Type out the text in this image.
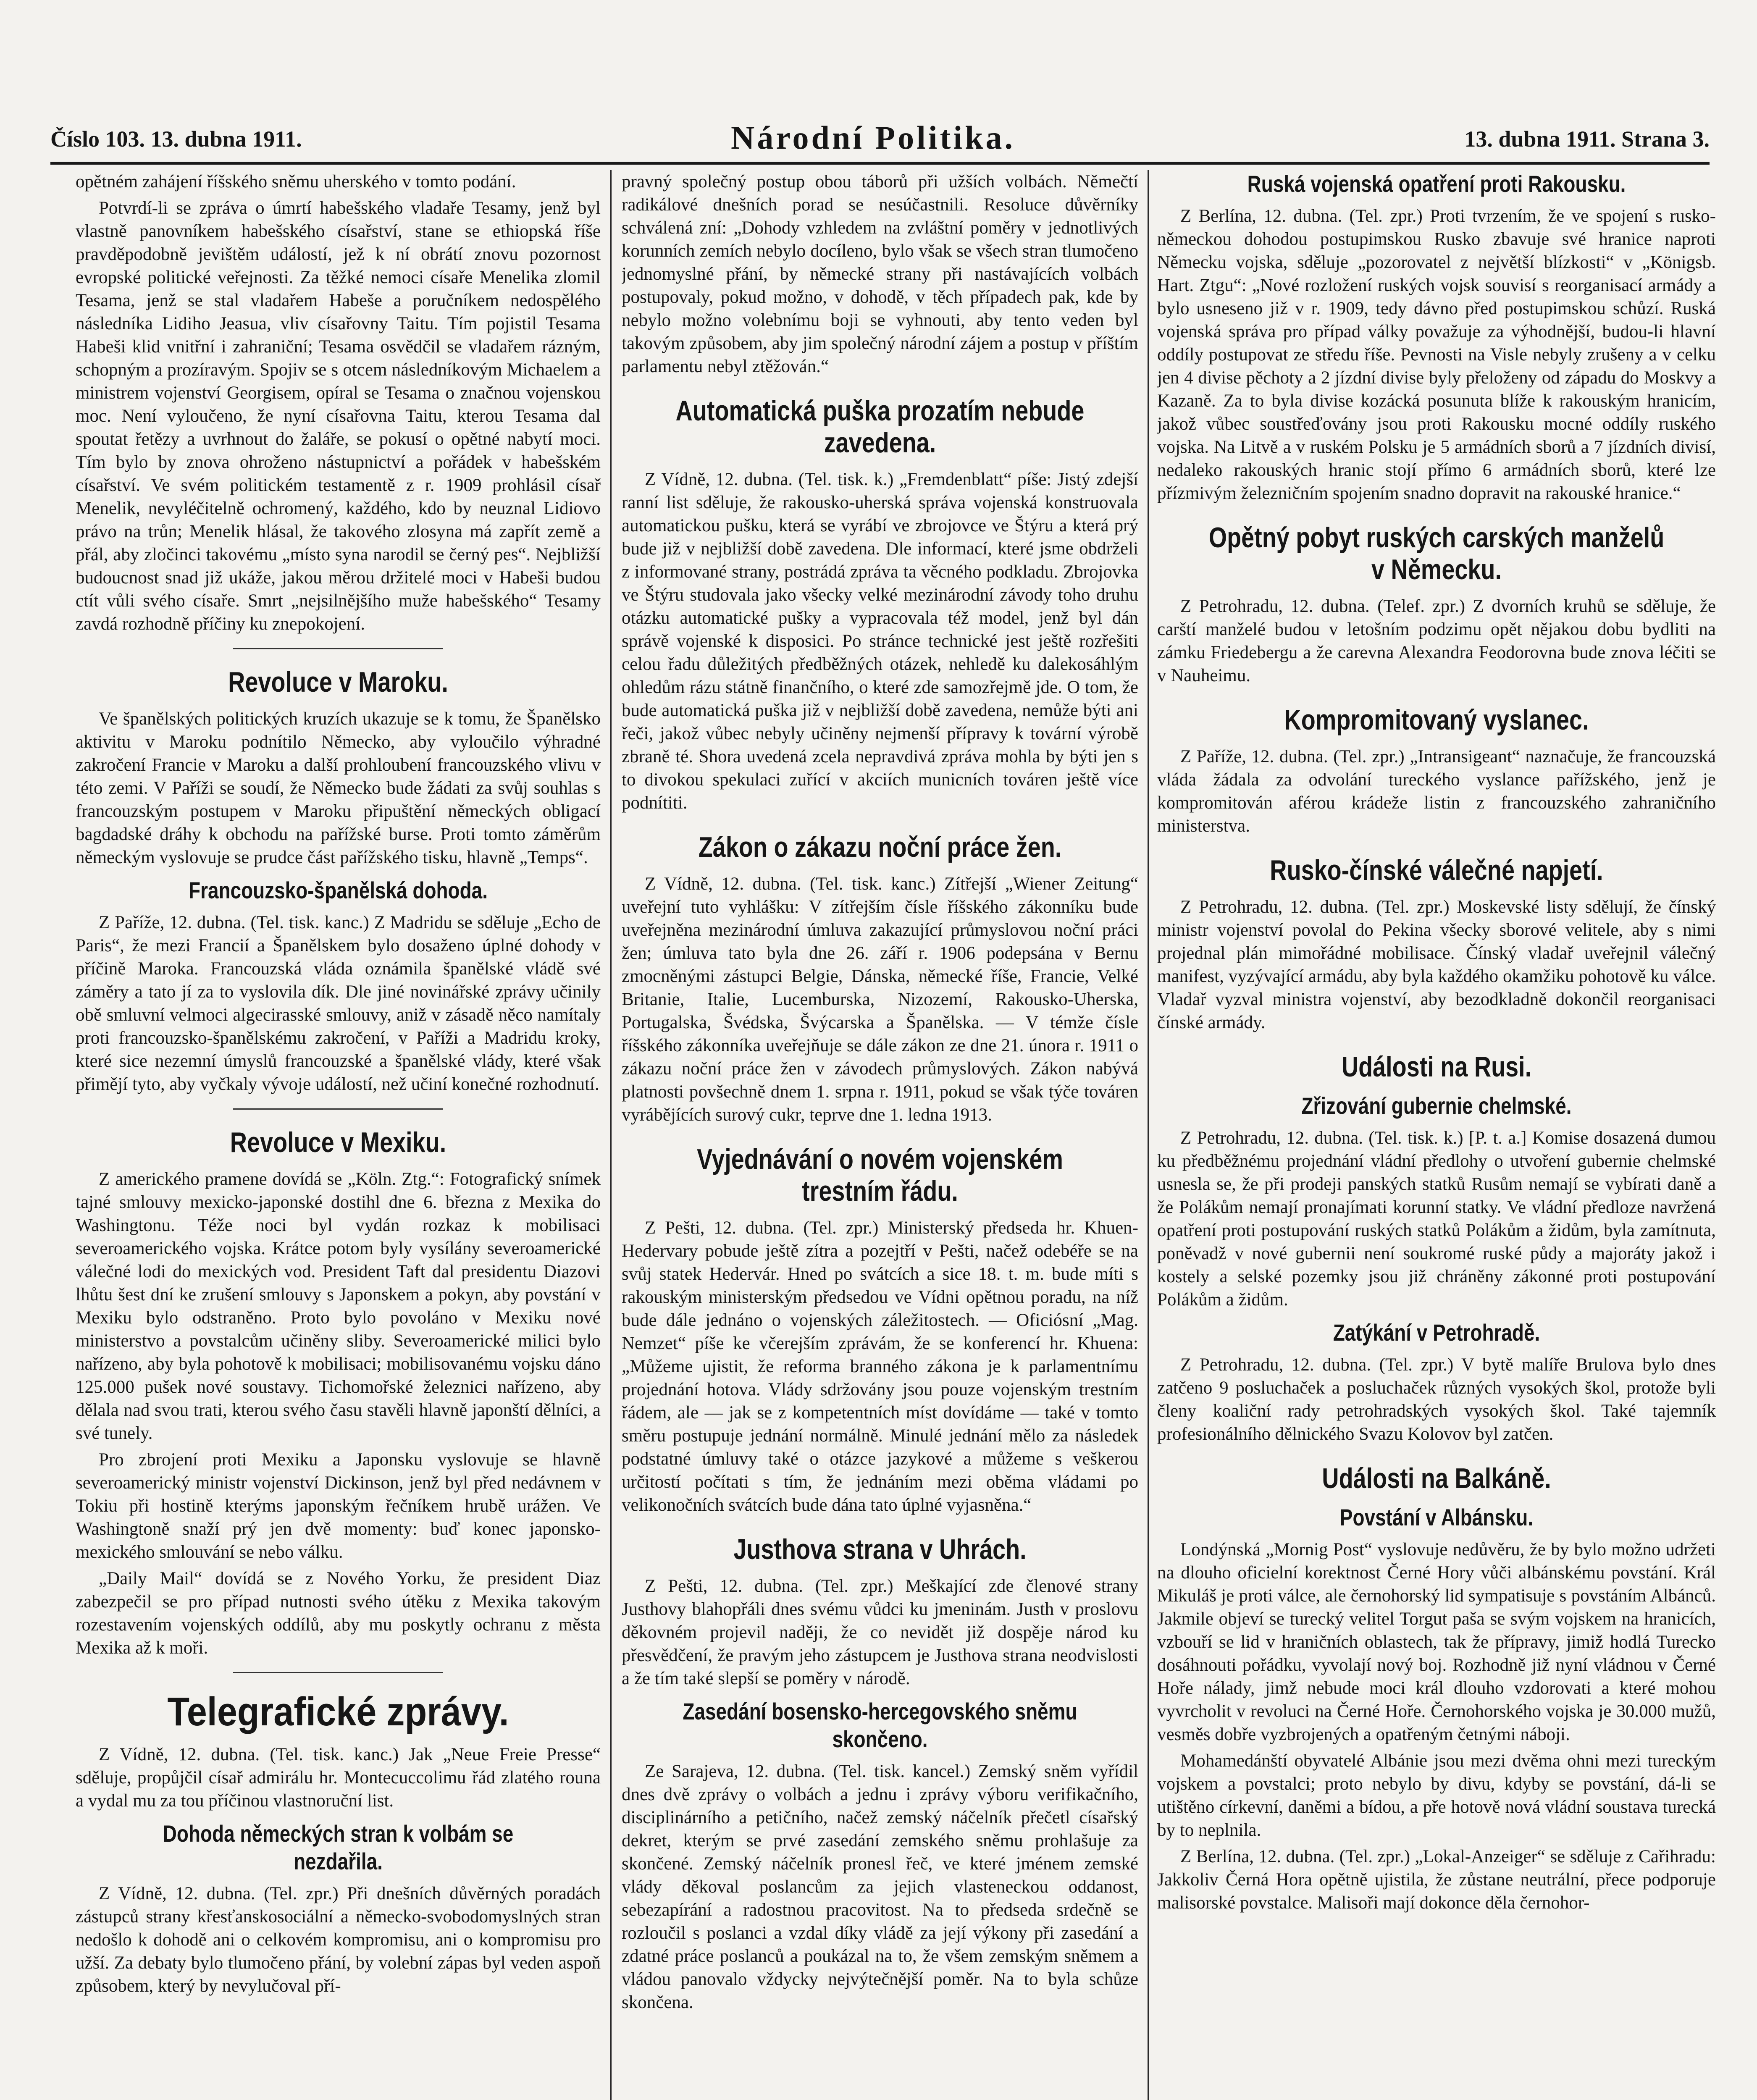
Číslo 103. 13. dubna 1911.	Národní Politika.	13. dubna 1911. Strana 3.

opětném zahájení říšského sněmu uherského v tomto podání.

Potvrdí-li se zpráva o úmrtí habešského vladaře Tesamy, jenž byl vlastně panovníkem habešského císařství, stane se ethiopská říše pravděpodobně jevištěm událostí, jež k ní obrátí znovu pozornost evropské politické veřejnosti. Za těžké nemoci císaře Menelika zlomil Tesama, jenž se stal vladařem Habeše a poručníkem nedospělého následníka Lidiho Jeasua, vliv císařovny Taitu. Tím pojistil Tesama Habeši klid vnitřní i zahraniční; Tesama osvědčil se vladařem rázným, schopným a prozíravým. Spojiv se s otcem následníkovým Michaelem a ministrem vojenství Georgisem, opíral se Tesama o značnou vojenskou moc. Není vyloučeno, že nyní císařovna Taitu, kterou Tesama dal spoutat řetězy a uvrhnout do žaláře, se pokusí o opětné nabytí moci. Tím bylo by znova ohroženo nástupnictví a pořádek v habešském císařství. Ve svém politickém testamentě z r. 1909 prohlásil císař Menelik, nevyléčitelně ochromený, každého, kdo by neuznal Lidiovo právo na trůn; Menelik hlásal, že takového zlosyna má zapřít země a přál, aby zločinci takovému „místo syna narodil se černý pes“. Nejbližší budoucnost snad již ukáže, jakou měrou držitelé moci v Habeši budou ctít vůli svého císaře. Smrt „nejsilnějšího muže habešského“ Tesamy zavdá rozhodně příčiny ku znepokojení.

Revoluce v Maroku.

Ve španělských politických kruzích ukazuje se k tomu, že Španělsko aktivitu v Maroku podnítilo Německo, aby vyloučilo výhradné zakročení Francie v Maroku a další prohloubení francouzského vlivu v této zemi. V Paříži se soudí, že Německo bude žádati za svůj souhlas s francouzským postupem v Maroku připuštění německých obligací bagdadské dráhy k obchodu na pařížské burse. Proti tomto záměrům německým vyslovuje se prudce část pařížského tisku, hlavně „Temps“.

Francouzsko-španělská dohoda.

Z Paříže, 12. dubna. (Tel. tisk. kanc.) Z Madridu se sděluje „Echo de Paris“, že mezi Francií a Španělskem bylo dosaženo úplné dohody v příčině Maroka. Francouzská vláda oznámila španělské vládě své záměry a tato jí za to vyslovila dík. Dle jiné novinářské zprávy učinily obě smluvní velmoci algecirasské smlouvy, aniž v zásadě něco namítaly proti francouzsko-španělskému zakročení, v Paříži a Madridu kroky, které sice nezemní úmyslů francouzské a španělské vlády, které však přimějí tyto, aby vyčkaly vývoje událostí, než učiní konečné rozhodnutí.

Revoluce v Mexiku.

Z amerického pramene dovídá se „Köln. Ztg.“: Fotografický snímek tajné smlouvy mexicko-japonské dostihl dne 6. března z Mexika do Washingtonu. Téže noci byl vydán rozkaz k mobilisaci severoamerického vojska. Krátce potom byly vysílány severoamerické válečné lodi do mexických vod. President Taft dal presidentu Diazovi lhůtu šest dní ke zrušení smlouvy s Japonskem a pokyn, aby povstání v Mexiku bylo odstraněno. Proto bylo povoláno v Mexiku nové ministerstvo a povstalcům učiněny sliby. Severoamerické milici bylo nařízeno, aby byla pohotově k mobilisaci; mobilisovanému vojsku dáno 125.000 pušek nové soustavy. Tichomořské železnici nařízeno, aby dělala nad svou trati, kterou svého času stavěli hlavně japonští dělníci, a své tunely.

Pro zbrojení proti Mexiku a Japonsku vyslovuje se hlavně severoamerický ministr vojenství Dickinson, jenž byl před nedávnem v Tokiu při hostině kterýms japonským řečníkem hrubě urážen. Ve Washingtoně snaží prý jen dvě momenty: buď konec japonsko-mexického smlouvání se nebo válku.

„Daily Mail“ dovídá se z Nového Yorku, že president Diaz zabezpečil se pro případ nutnosti svého útěku z Mexika takovým rozestavením vojenských oddílů, aby mu poskytly ochranu z města Mexika až k moři.

Telegrafické zprávy.

Z Vídně, 12. dubna. (Tel. tisk. kanc.) Jak „Neue Freie Presse“ sděluje, propůjčil císař admirálu hr. Montecuccolimu řád zlatého rouna a vydal mu za tou příčinou vlastnoruční list.

Dohoda německých stran k volbám se nezdařila.

Z Vídně, 12. dubna. (Tel. zpr.) Při dnešních důvěrných poradách zástupců strany křesťanskosociální a německo-svobodomyslných stran nedošlo k dohodě ani o celkovém kompromisu, ani o kompromisu pro užší. Za debaty bylo tlumočeno přání, by volební zápas byl veden aspoň způsobem, který by nevylučoval pří-

pravný společný postup obou táborů při užších volbách. Němečtí radikálové dnešních porad se nesúčastnili. Resoluce důvěrníky schválená zní: „Dohody vzhledem na zvláštní poměry v jednotlivých korunních zemích nebylo docíleno, bylo však se všech stran tlumočeno jednomyslné přání, by německé strany při nastávajících volbách postupovaly, pokud možno, v dohodě, v těch případech pak, kde by nebylo možno volebnímu boji se vyhnouti, aby tento veden byl takovým způsobem, aby jim společný národní zájem a postup v příštím parlamentu nebyl ztěžován.“

Automatická puška prozatím nebude zavedena.

Z Vídně, 12. dubna. (Tel. tisk. k.) „Fremdenblatt“ píše: Jistý zdejší ranní list sděluje, že rakousko-uherská správa vojenská konstruovala automatickou pušku, která se vyrábí ve zbrojovce ve Štýru a která prý bude již v nejbližší době zavedena. Dle informací, které jsme obdrželi z informované strany, postrádá zpráva ta věcného podkladu. Zbrojovka ve Štýru studovala jako všecky velké mezinárodní závody toho druhu otázku automatické pušky a vypracovala též model, jenž byl dán správě vojenské k disposici. Po stránce technické jest ještě rozřešiti celou řadu důležitých předběžných otázek, nehledě ku dalekosáhlým ohledům rázu státně finančního, o které zde samozřejmě jde. O tom, že bude automatická puška již v nejbližší době zavedena, nemůže býti ani řeči, jakož vůbec nebyly učiněny nejmenší přípravy k tovární výrobě zbraně té. Shora uvedená zcela nepravdivá zpráva mohla by býti jen s to divokou spekulaci zuřící v akciích municních továren ještě více podnítiti.

Zákon o zákazu noční práce žen.

Z Vídně, 12. dubna. (Tel. tisk. kanc.) Zítřejší „Wiener Zeitung“ uveřejní tuto vyhlášku: V zítřejším čísle říšského zákonníku bude uveřejněna mezinárodní úmluva zakazující průmyslovou noční práci žen; úmluva tato byla dne 26. září r. 1906 podepsána v Bernu zmocněnými zástupci Belgie, Dánska, německé říše, Francie, Velké Britanie, Italie, Lucemburska, Nizozemí, Rakousko-Uherska, Portugalska, Švédska, Švýcarska a Španělska. — V témže čísle říšského zákonníka uveřejňuje se dále zákon ze dne 21. února r. 1911 o zákazu noční práce žen v závodech průmyslových. Zákon nabývá platnosti povšechně dnem 1. srpna r. 1911, pokud se však týče továren vyrábějících surový cukr, teprve dne 1. ledna 1913.

Vyjednávání o novém vojenském trestním řádu.

Z Pešti, 12. dubna. (Tel. zpr.) Ministerský předseda hr. Khuen-Hedervary pobude ještě zítra a pozejtří v Pešti, načež odebéře se na svůj statek Hedervár. Hned po svátcích a sice 18. t. m. bude míti s rakouským ministerským předsedou ve Vídni opětnou poradu, na níž bude dále jednáno o vojenských záležitostech. — Oficiósní „Mag. Nemzet“ píše ke včerejším zprávám, že se konferencí hr. Khuena: „Můžeme ujistit, že reforma branného zákona je k parlamentnímu projednání hotova. Vlády sdržovány jsou pouze vojenským trestním řádem, ale — jak se z kompetentních míst dovídáme — také v tomto směru postupuje jednání normálně. Minulé jednání mělo za následek podstatné úmluvy také o otázce jazykové a můžeme s veškerou určitostí počítati s tím, že jednáním mezi oběma vládami po velikonočních svátcích bude dána tato úplné vyjasněna.“

Justhova strana v Uhrách.

Z Pešti, 12. dubna. (Tel. zpr.) Meškající zde členové strany Justhovy blahopřáli dnes svému vůdci ku jmeninám. Justh v proslovu děkovném projevil naději, že co nevidět již dospěje národ ku přesvědčení, že pravým jeho zástupcem je Justhova strana neodvislosti a že tím také slepší se poměry v národě.

Zasedání bosensko-hercegovského sněmu skončeno.

Ze Sarajeva, 12. dubna. (Tel. tisk. kancel.) Zemský sněm vyřídil dnes dvě zprávy o volbách a jednu i zprávy výboru verifikačního, disciplinárního a petičního, načež zemský náčelník přečetl císařský dekret, kterým se prvé zasedání zemského sněmu prohlašuje za skončené. Zemský náčelník pronesl řeč, ve které jménem zemské vlády děkoval poslancům za jejich vlasteneckou oddanost, sebezapírání a radostnou pracovitost. Na to předseda srdečně se rozloučil s poslanci a vzdal díky vládě za její výkony při zasedání a zdatné práce poslanců a poukázal na to, že všem zemským sněmem a vládou panovalo vždycky nejvýtečnější poměr. Na to byla schůze skončena.

Ruská vojenská opatření proti Rakousku.

Z Berlína, 12. dubna. (Tel. zpr.) Proti tvrzením, že ve spojení s rusko-německou dohodou postupimskou Rusko zbavuje své hranice naproti Německu vojska, sděluje „pozorovatel z největší blízkosti“ v „Königsb. Hart. Ztgu“: „Nové rozložení ruských vojsk souvisí s reorganisací armády a bylo usneseno již v r. 1909, tedy dávno před postupimskou schůzí. Ruská vojenská správa pro případ války považuje za výhodnější, budou-li hlavní oddíly postupovat ze středu říše. Pevnosti na Visle nebyly zrušeny a v celku jen 4 divise pěchoty a 2 jízdní divise byly přeloženy od západu do Moskvy a Kazaně. Za to byla divise kozácká posunuta blíže k rakouským hranicím, jakož vůbec soustřeďovány jsou proti Rakousku mocné oddíly ruského vojska. Na Litvě a v ruském Polsku je 5 armádních sborů a 7 jízdních divisí, nedaleko rakouských hranic stojí přímo 6 armádních sborů, které lze přízmivým železničním spojením snadno dopravit na rakouské hranice.“

Opětný pobyt ruských carských manželů v Německu.

Z Petrohradu, 12. dubna. (Telef. zpr.) Z dvorních kruhů se sděluje, že carští manželé budou v letošním podzimu opět nějakou dobu bydliti na zámku Friedebergu a že carevna Alexandra Feodorovna bude znova léčiti se v Nauheimu.

Kompromitovaný vyslanec.

Z Paříže, 12. dubna. (Tel. zpr.) „Intransigeant“ naznačuje, že francouzská vláda žádala za odvolání tureckého vyslance pařížského, jenž je kompromitován aférou krádeže listin z francouzského zahraničního ministerstva.

Rusko-čínské válečné napjetí.

Z Petrohradu, 12. dubna. (Tel. zpr.) Moskevské listy sdělují, že čínský ministr vojenství povolal do Pekina všecky sborové velitele, aby s nimi projednal plán mimořádné mobilisace. Čínský vladař uveřejnil válečný manifest, vyzývající armádu, aby byla každého okamžiku pohotově ku válce. Vladař vyzval ministra vojenství, aby bezodkladně dokončil reorganisaci čínské armády.

Události na Rusi.
Zřizování gubernie chelmské.

Z Petrohradu, 12. dubna. (Tel. tisk. k.) [P. t. a.] Komise dosazená dumou ku předběžnému projednání vládní předlohy o utvoření gubernie chelmské usnesla se, že při prodeji panských statků Rusům nemají se vybírati daně a že Polákům nemají pronajímati korunní statky. Ve vládní předloze navržená opatření proti postupování ruských statků Polákům a židům, byla zamítnuta, poněvadž v nové gubernii není soukromé ruské půdy a majoráty jakož i kostely a selské pozemky jsou již chráněny zákonné proti postupování Polákům a židům.

Zatýkání v Petrohradě.

Z Petrohradu, 12. dubna. (Tel. zpr.) V bytě malíře Brulova bylo dnes zatčeno 9 posluchaček a posluchaček různých vysokých škol, protože byli členy koaliční rady petrohradských vysokých škol. Také tajemník profesionálního dělnického Svazu Kolovov byl zatčen.

Události na Balkáně.
Povstání v Albánsku.

Londýnská „Mornig Post“ vyslovuje nedůvěru, že by bylo možno udržeti na dlouho oficielní korektnost Černé Hory vůči albánskému povstání. Král Mikuláš je proti válce, ale černohorský lid sympatisuje s povstáním Albánců. Jakmile objeví se turecký velitel Torgut paša se svým vojskem na hranicích, vzbouří se lid v hraničních oblastech, tak že přípravy, jimiž hodlá Turecko dosáhnouti pořádku, vyvolají nový boj. Rozhodně již nyní vládnou v Černé Hoře nálady, jimž nebude moci král dlouho vzdorovati a které mohou vyvrcholit v revoluci na Černé Hoře. Černohorského vojska je 30.000 mužů, vesměs dobře vyzbrojených a opatřeným četnými náboji.

Mohamedánští obyvatelé Albánie jsou mezi dvěma ohni mezi tureckým vojskem a povstalci; proto nebylo by divu, kdyby se povstání, dá-li se utištěno církevní, daněmi a bídou, a pře hotově nová vládní soustava turecká by to neplnila.

Z Berlína, 12. dubna. (Tel. zpr.) „Lokal-Anzeiger“ se sděluje z Cařihradu: Jakkoliv Černá Hora opětně ujistila, že zůstane neutrální, přece podporuje malisorské povstalce. Malisoři mají dokonce děla černohor-
